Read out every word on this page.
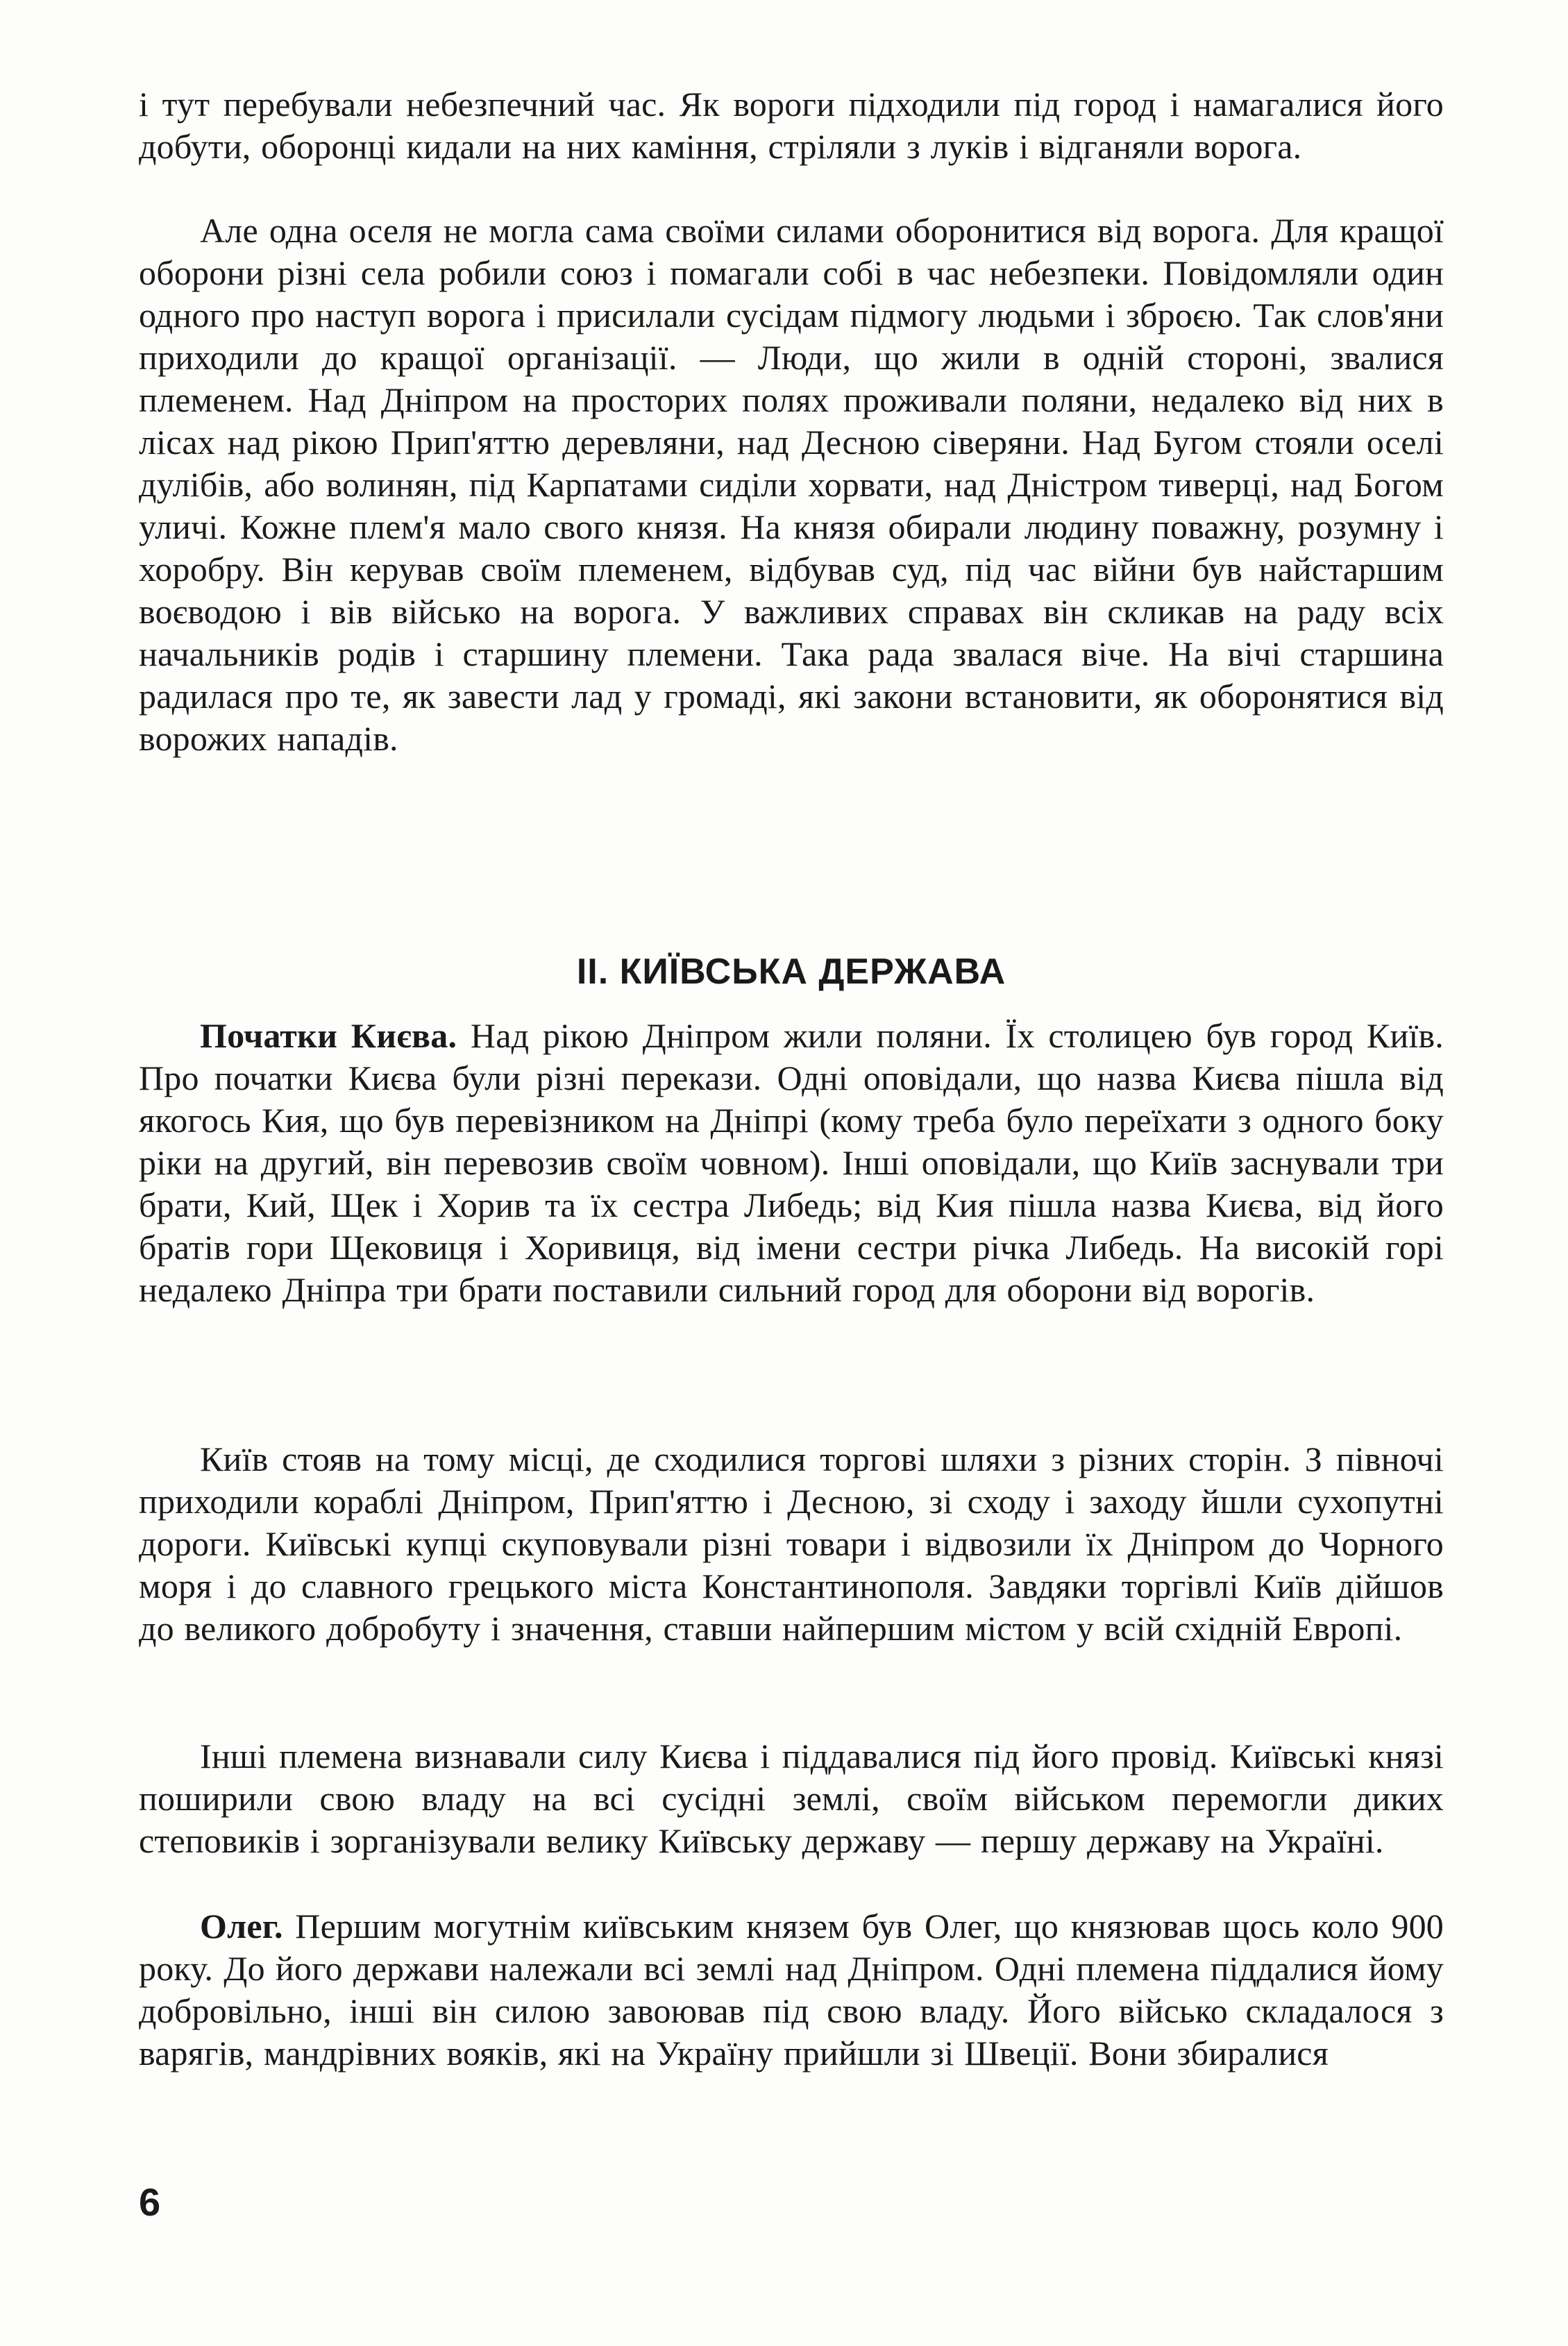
і тут перебували небезпечний час. Як вороги підходили під город і намагалися його добути, оборонці кидали на них каміння, стріляли з луків і відганяли ворога.

Але одна оселя не могла сама своїми силами оборонитися від ворога. Для кращої оборони різні села робили союз і помагали собі в час небезпеки. Повідомляли один одного про наступ ворога і присилали сусідам підмогу людьми і зброєю. Так слов'яни приходили до кращої організації. — Люди, що жили в одній стороні, звалися племенем. Над Дніпром на просторих полях проживали поляни, недалеко від них в лісах над рікою Прип'яттю деревляни, над Десною сіверяни. Над Бугом стояли оселі дулібів, або волинян, під Карпатами сиділи хорвати, над Дністром тиверці, над Богом уличі. Кожне плем'я мало свого князя. На князя обирали людину поважну, розумну і хоробру. Він керував своїм племенем, відбував суд, під час війни був найстаршим воєводою і вів військо на ворога. У важливих справах він скликав на раду всіх начальників родів і старшину племени. Така рада звалася віче. На вічі старшина радилася про те, як завести лад у громаді, які закони встановити, як оборонятися від ворожих нападів.

II. КИЇВСЬКА ДЕРЖАВА

Початки Києва. Над рікою Дніпром жили поляни. Їх столицею був город Київ. Про початки Києва були різні перекази. Одні оповідали, що назва Києва пішла від якогось Кия, що був перевізником на Дніпрі (кому треба було переїхати з одного боку ріки на другий, він перевозив своїм човном). Інші оповідали, що Київ заснували три брати, Кий, Щек і Хорив та їх сестра Либедь; від Кия пішла назва Києва, від його братів гори Щековиця і Хоривиця, від імени сестри річка Либедь. На високій горі недалеко Дніпра три брати поставили сильний город для оборони від ворогів.

Київ стояв на тому місці, де сходилися торгові шляхи з різних сторін. З півночі приходили кораблі Дніпром, Прип'яттю і Десною, зі сходу і заходу йшли сухопутні дороги. Київські купці скуповували різні товари і відвозили їх Дніпром до Чорного моря і до славного грецького міста Константинополя. Завдяки торгівлі Київ дійшов до великого добробуту і значення, ставши найпершим містом у всій східній Европі.

Інші племена визнавали силу Києва і піддавалися під його провід. Київські князі поширили свою владу на всі сусідні землі, своїм військом перемогли диких степовиків і зорганізували велику Київську державу — першу державу на Україні.

Олег. Першим могутнім київським князем був Олег, що князював щось коло 900 року. До його держави належали всі землі над Дніпром. Одні племена піддалися йому добровільно, інші він силою завоював під свою владу. Його військо складалося з варягів, мандрівних вояків, які на Україну прийшли зі Швеції. Вони збиралися

6
